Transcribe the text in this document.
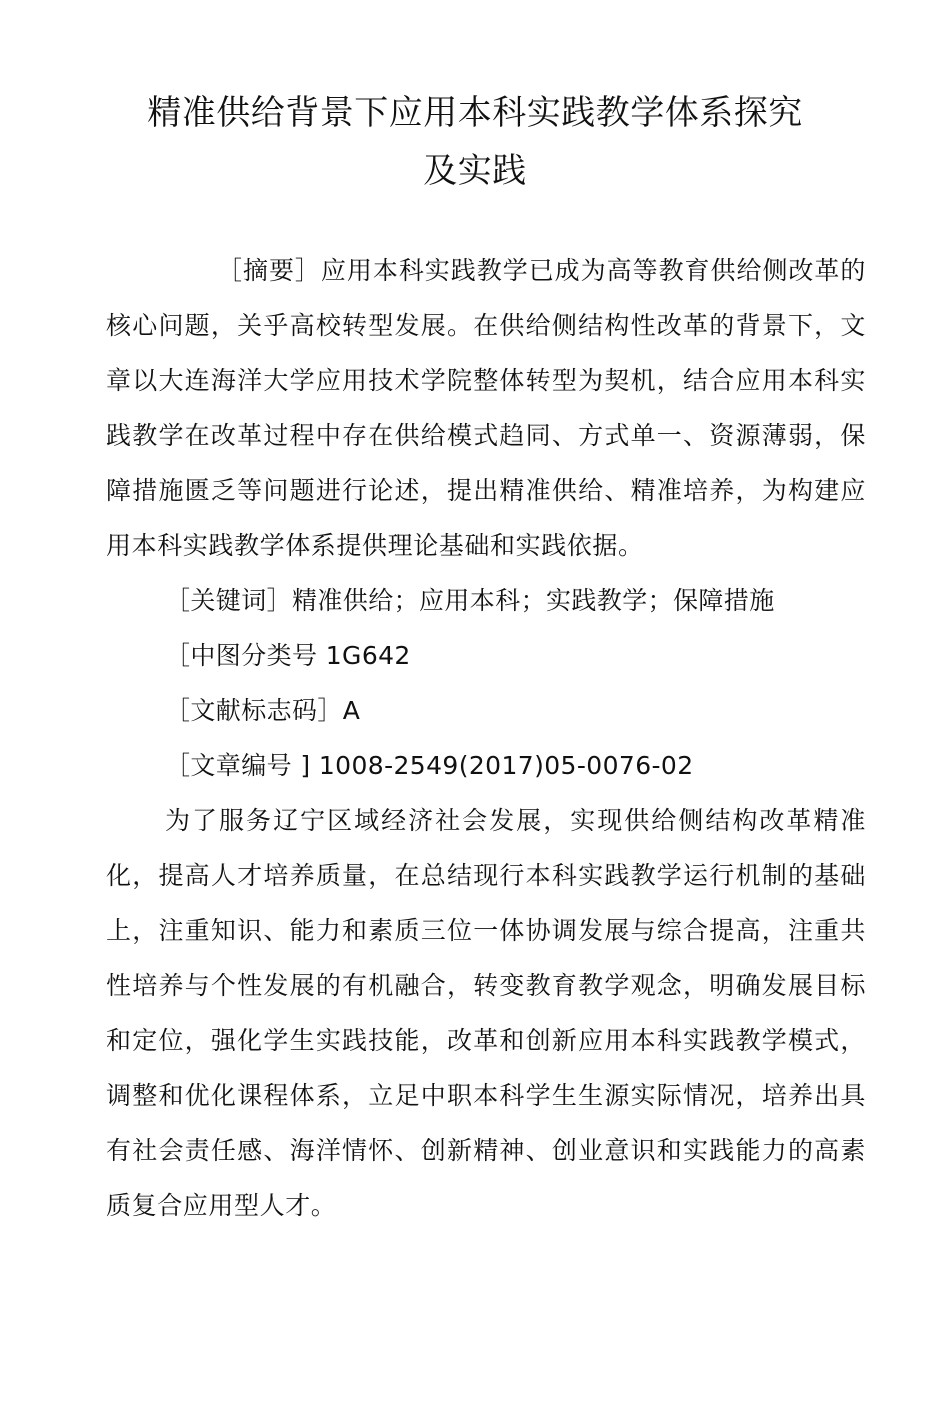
精准供给背景下应用本科实践教学体系探究
及实践

［摘要］应用本科实践教学已成为高等教育供给侧改革的核心问题，关乎高校转型发展。在供给侧结构性改革的背景下，文章以大连海洋大学应用技术学院整体转型为契机，结合应用本科实践教学在改革过程中存在供给模式趋同、方式单一、资源薄弱，保障措施匮乏等问题进行论述，提出精准供给、精准培养，为构建应用本科实践教学体系提供理论基础和实践依据。

［关键词］精准供给；应用本科；实践教学；保障措施

［中图分类号 1G642

［文献标志码］A

［文章编号 ] 1008-2549(2017)05-0076-02

为了服务辽宁区域经济社会发展，实现供给侧结构改革精准化，提高人才培养质量，在总结现行本科实践教学运行机制的基础上，注重知识、能力和素质三位一体协调发展与综合提高，注重共性培养与个性发展的有机融合，转变教育教学观念，明确发展目标和定位，强化学生实践技能，改革和创新应用本科实践教学模式，调整和优化课程体系，立足中职本科学生生源实际情况，培养出具有社会责任感、海洋情怀、创新精神、创业意识和实践能力的高素质复合应用型人才。
